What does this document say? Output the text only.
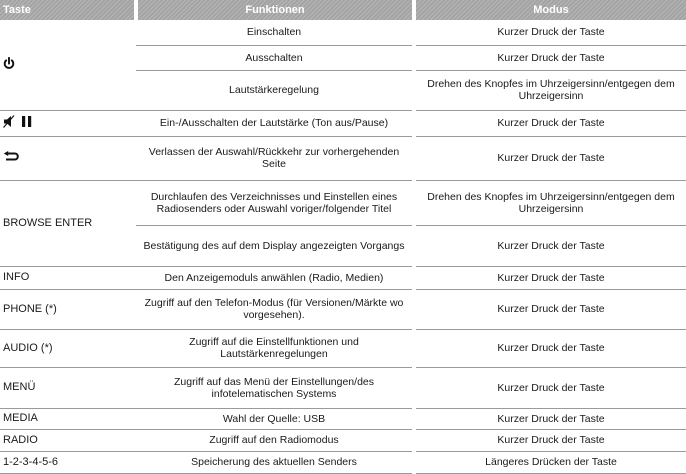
Taste	Funktionen	Modus
	Einschalten	Kurzer Druck der Taste
	Ausschalten	Kurzer Druck der Taste
	Lautstärkeregelung	Drehen des Knopfes im Uhrzeigersinn/entgegen dem Uhrzeigersinn
	Ein-/Ausschalten der Lautstärke (Ton aus/Pause)	Kurzer Druck der Taste
	Verlassen der Auswahl/Rückkehr zur vorhergehenden Seite	Kurzer Druck der Taste
BROWSE ENTER	Durchlaufen des Verzeichnisses und Einstellen eines Radiosenders oder Auswahl voriger/folgender Titel	Drehen des Knopfes im Uhrzeigersinn/entgegen dem Uhrzeigersinn
	Bestätigung des auf dem Display angezeigten Vorgangs	Kurzer Druck der Taste
INFO	Den Anzeigemoduls anwählen (Radio, Medien)	Kurzer Druck der Taste
PHONE (*)	Zugriff auf den Telefon-Modus (für Versionen/Märkte wo vorgesehen).	Kurzer Druck der Taste
AUDIO (*)	Zugriff auf die Einstellfunktionen und Lautstärkenregelungen	Kurzer Druck der Taste
MENÜ	Zugriff auf das Menü der Einstellungen/des infotelematischen Systems	Kurzer Druck der Taste
MEDIA	Wahl der Quelle: USB	Kurzer Druck der Taste
RADIO	Zugriff auf den Radiomodus	Kurzer Druck der Taste
1-2-3-4-5-6	Speicherung des aktuellen Senders	Längeres Drücken der Taste
